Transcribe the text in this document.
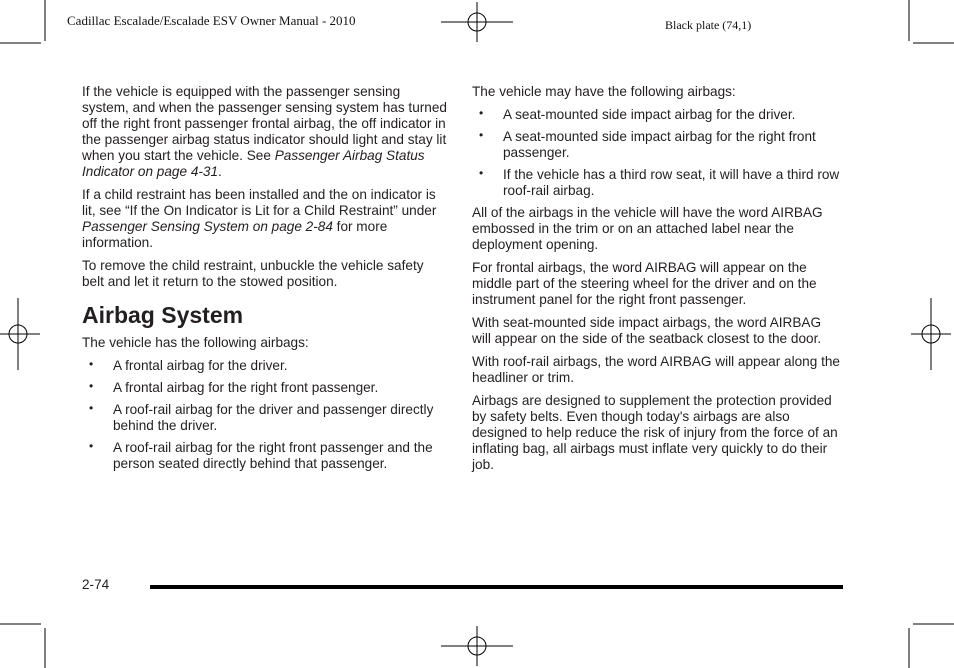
Cadillac Escalade/Escalade ESV Owner Manual - 2010	Black plate (74,1)

If the vehicle is equipped with the passenger sensing system, and when the passenger sensing system has turned off the right front passenger frontal airbag, the off indicator in the passenger airbag status indicator should light and stay lit when you start the vehicle. See Passenger Airbag Status Indicator on page 4-31.

If a child restraint has been installed and the on indicator is lit, see “If the On Indicator is Lit for a Child Restraint” under Passenger Sensing System on page 2-84 for more information.

To remove the child restraint, unbuckle the vehicle safety belt and let it return to the stowed position.

Airbag System

The vehicle has the following airbags:

• A frontal airbag for the driver.
• A frontal airbag for the right front passenger.
• A roof-rail airbag for the driver and passenger directly behind the driver.
• A roof-rail airbag for the right front passenger and the person seated directly behind that passenger.

The vehicle may have the following airbags:

• A seat-mounted side impact airbag for the driver.
• A seat-mounted side impact airbag for the right front passenger.
• If the vehicle has a third row seat, it will have a third row roof-rail airbag.

All of the airbags in the vehicle will have the word AIRBAG embossed in the trim or on an attached label near the deployment opening.

For frontal airbags, the word AIRBAG will appear on the middle part of the steering wheel for the driver and on the instrument panel for the right front passenger.

With seat-mounted side impact airbags, the word AIRBAG will appear on the side of the seatback closest to the door.

With roof-rail airbags, the word AIRBAG will appear along the headliner or trim.

Airbags are designed to supplement the protection provided by safety belts. Even though today's airbags are also designed to help reduce the risk of injury from the force of an inflating bag, all airbags must inflate very quickly to do their job.

2-74
